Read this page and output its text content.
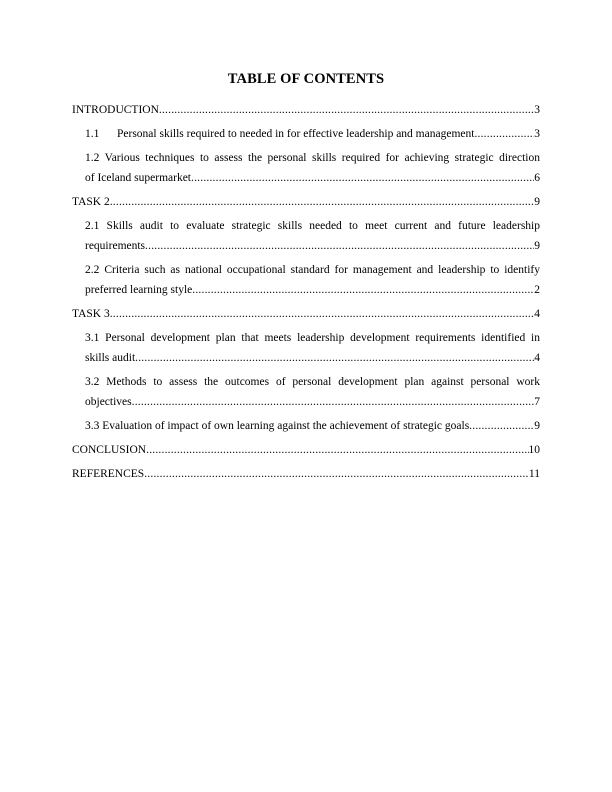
TABLE OF CONTENTS
INTRODUCTION .....	3
1.1	Personal skills required to needed in for effective leadership and management .....	3
1.2 Various techniques to assess the personal skills required for achieving strategic direction
of Iceland supermarket .....	6
TASK 2 .....	9
2.1 Skills audit to evaluate strategic skills needed to meet current and future leadership
requirements .....	9
2.2 Criteria such as national occupational standard for management and leadership to identify
preferred learning style .....	2
TASK 3 .....	4
3.1 Personal development plan that meets leadership development requirements identified in
skills audit .....	4
3.2 Methods to assess the outcomes of personal development plan against personal work
objectives .....	7
3.3 Evaluation of impact of own learning against the achievement of strategic goals .....	9
CONCLUSION .....	10
REFERENCES .....	11
